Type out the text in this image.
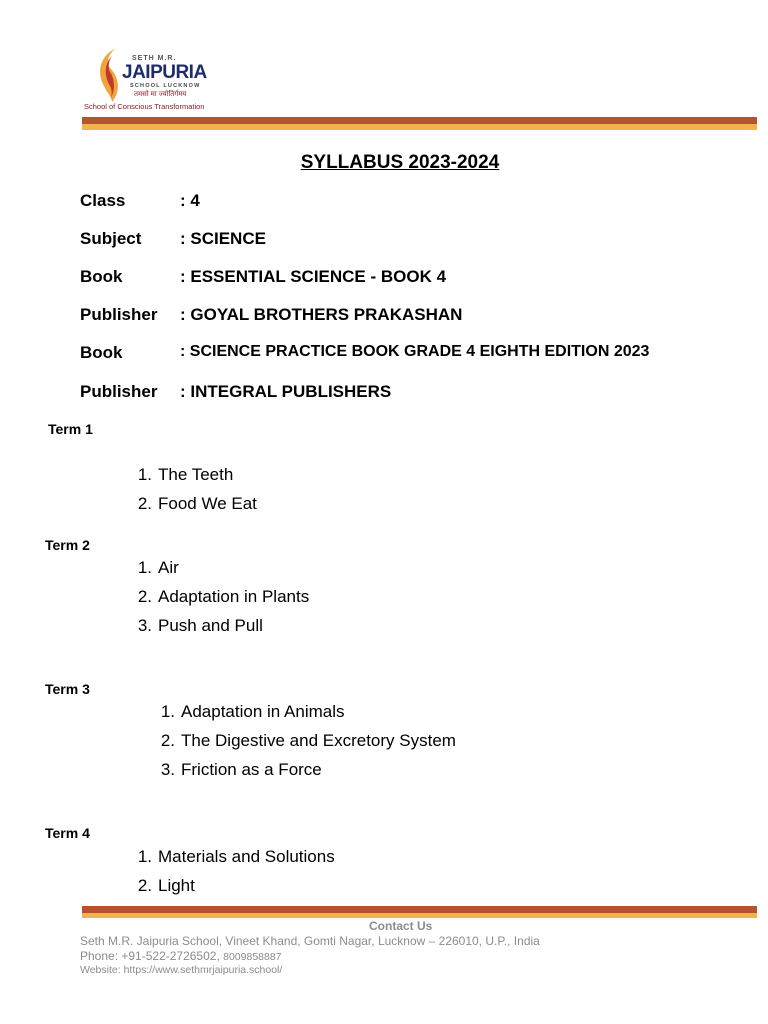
SETH M.R.
JAIPURIA
SCHOOL LUCKNOW
तमसो मा ज्योतिर्गमय
School of Conscious Transformation
SYLLABUS 2023-2024
Class	: 4
Subject : SCIENCE
Book	: ESSENTIAL SCIENCE - BOOK 4
Publisher : GOYAL BROTHERS PRAKASHAN
Book	: SCIENCE PRACTICE BOOK GRADE 4 EIGHTH EDITION 2023
Publisher : INTEGRAL PUBLISHERS
Term 1
1. The Teeth
2. Food We Eat
Term 2
1. Air
2. Adaptation in Plants
3. Push and Pull
Term 3
1. Adaptation in Animals
2. The Digestive and Excretory System
3. Friction as a Force
Term 4
1. Materials and Solutions
2. Light
Contact Us
Seth M.R. Jaipuria School, Vineet Khand, Gomti Nagar, Lucknow – 226010, U.P., India
Phone: +91-522-2726502, 8009858887
Website: https://www.sethmrjaipuria.school/
